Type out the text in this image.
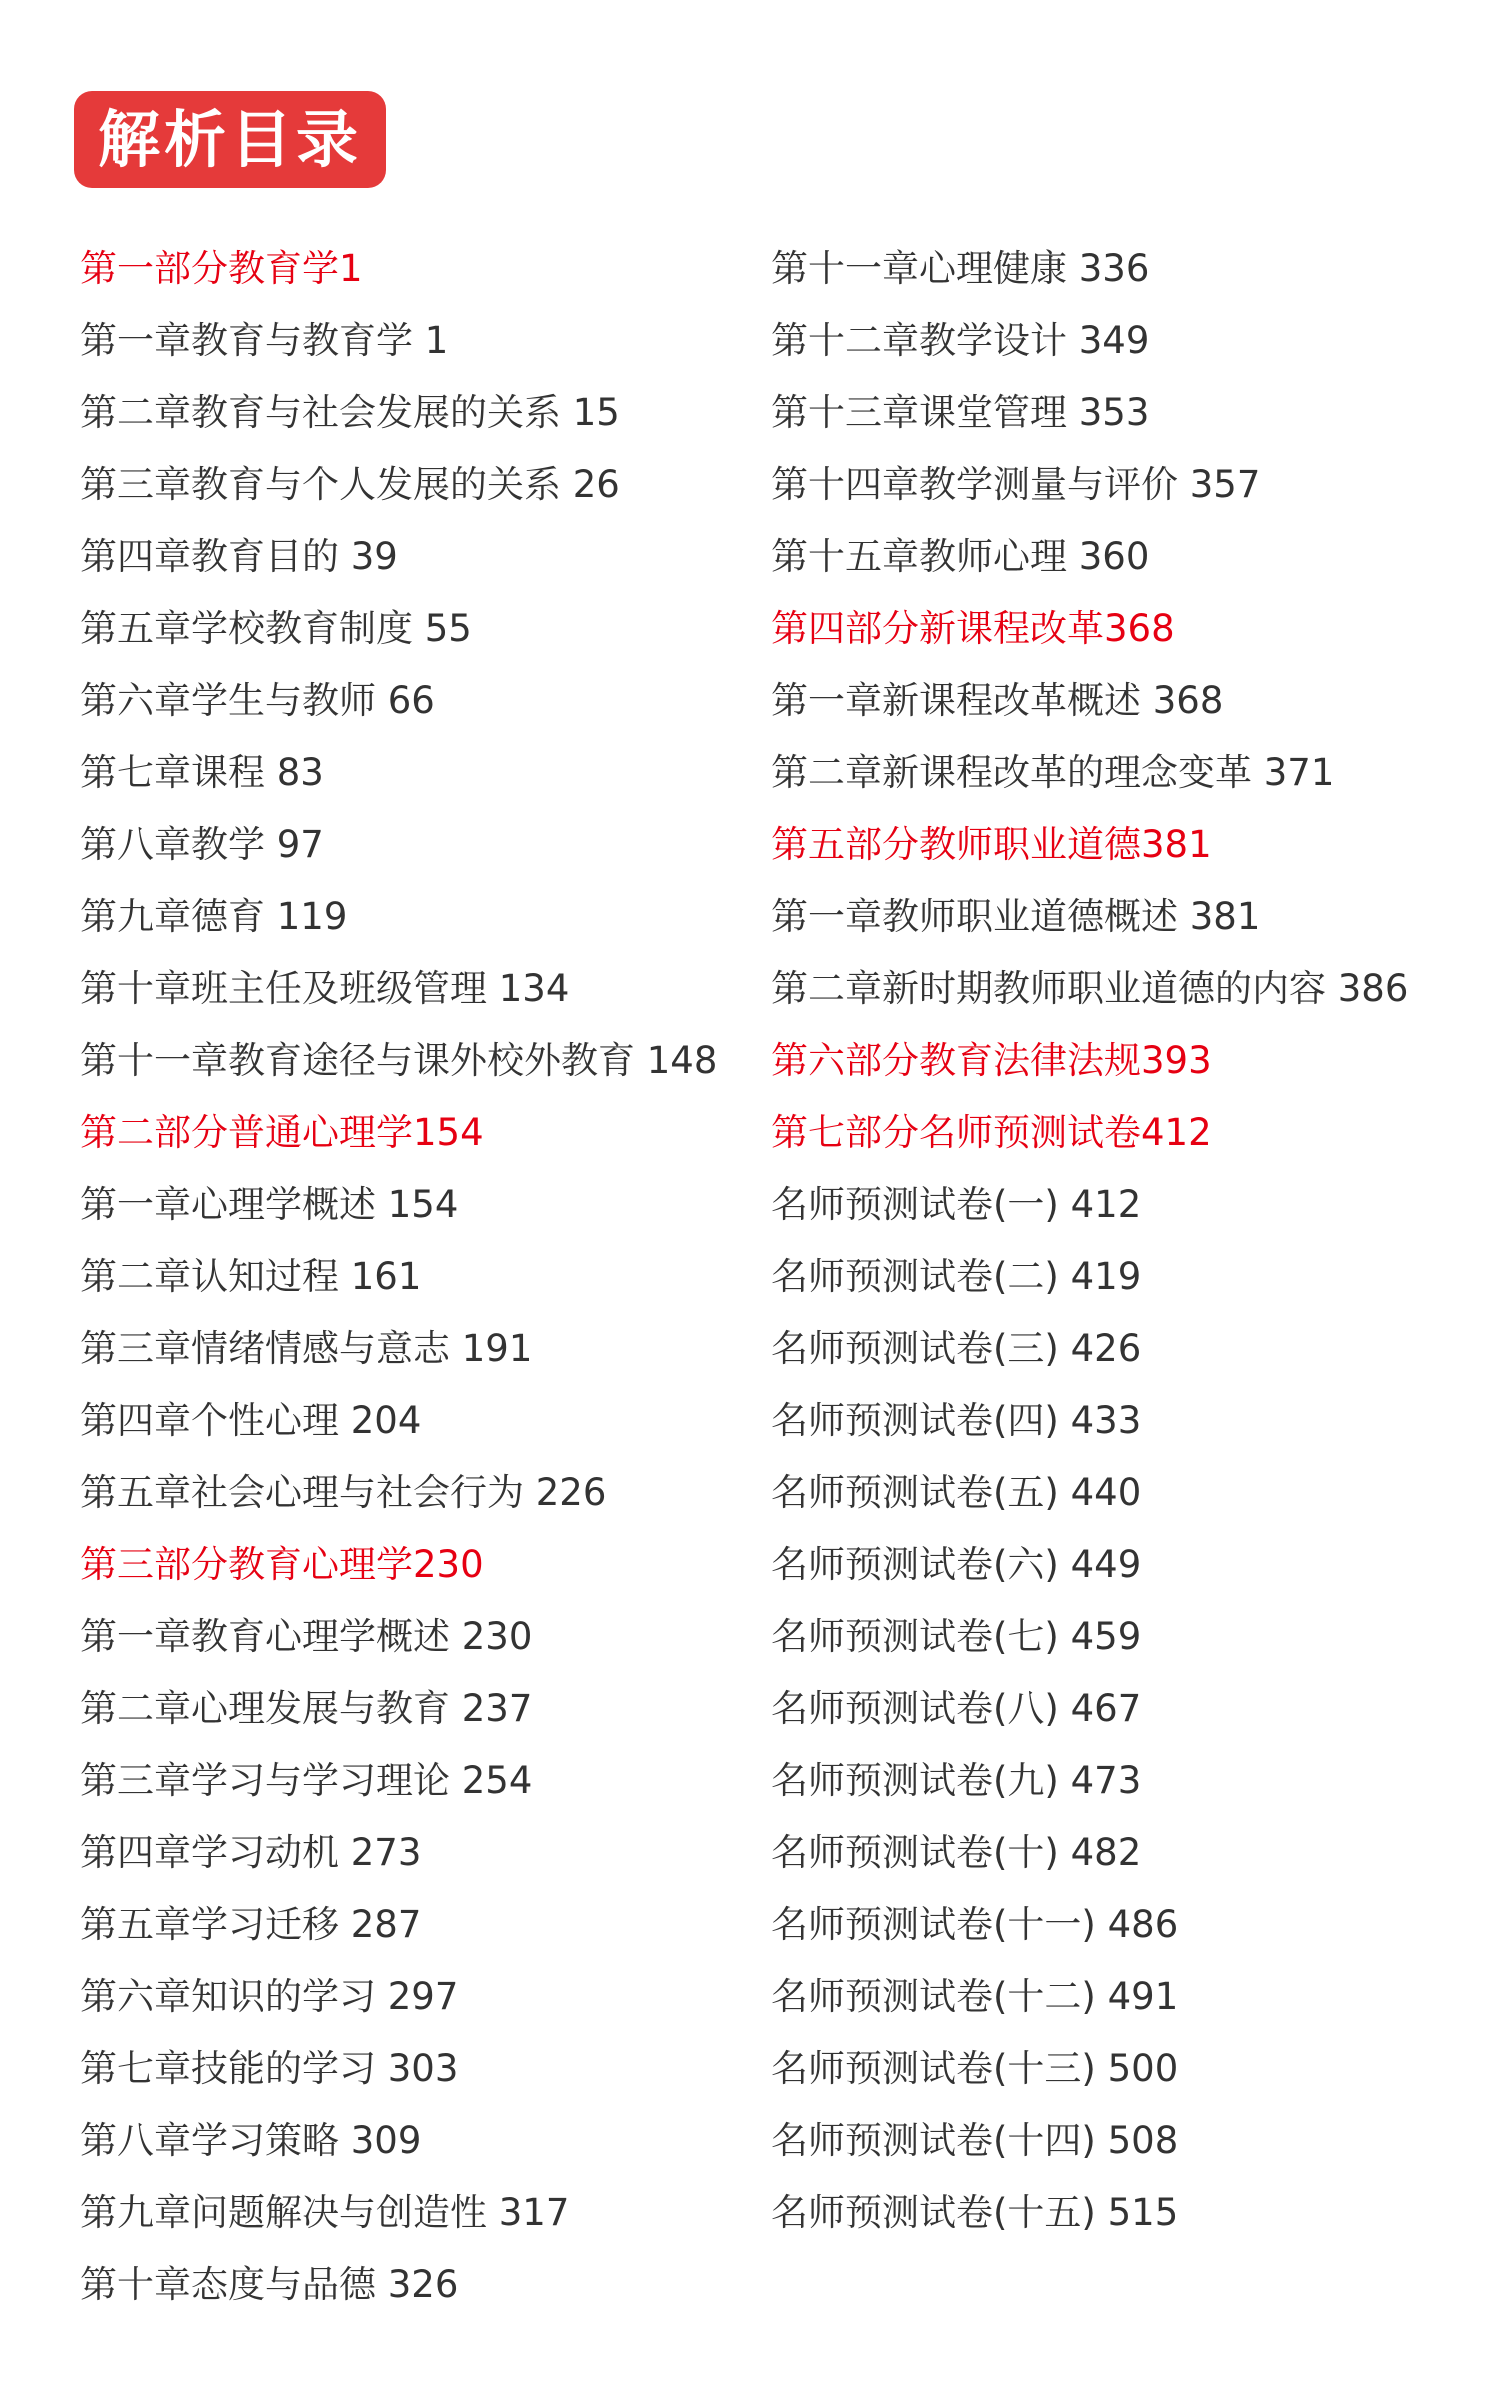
解析目录
第一部分教育学1
第一章教育与教育学 1
第二章教育与社会发展的关系 15
第三章教育与个人发展的关系 26
第四章教育目的 39
第五章学校教育制度 55
第六章学生与教师 66
第七章课程 83
第八章教学 97
第九章德育 119
第十章班主任及班级管理 134
第十一章教育途径与课外校外教育 148
第二部分普通心理学154
第一章心理学概述 154
第二章认知过程 161
第三章情绪情感与意志 191
第四章个性心理 204
第五章社会心理与社会行为 226
第三部分教育心理学230
第一章教育心理学概述 230
第二章心理发展与教育 237
第三章学习与学习理论 254
第四章学习动机 273
第五章学习迁移 287
第六章知识的学习 297
第七章技能的学习 303
第八章学习策略 309
第九章问题解决与创造性 317
第十章态度与品德 326
第十一章心理健康 336
第十二章教学设计 349
第十三章课堂管理 353
第十四章教学测量与评价 357
第十五章教师心理 360
第四部分新课程改革368
第一章新课程改革概述 368
第二章新课程改革的理念变革 371
第五部分教师职业道德381
第一章教师职业道德概述 381
第二章新时期教师职业道德的内容 386
第六部分教育法律法规393
第七部分名师预测试卷412
名师预测试卷(一) 412
名师预测试卷(二) 419
名师预测试卷(三) 426
名师预测试卷(四) 433
名师预测试卷(五) 440
名师预测试卷(六) 449
名师预测试卷(七) 459
名师预测试卷(八) 467
名师预测试卷(九) 473
名师预测试卷(十) 482
名师预测试卷(十一) 486
名师预测试卷(十二) 491
名师预测试卷(十三) 500
名师预测试卷(十四) 508
名师预测试卷(十五) 515
